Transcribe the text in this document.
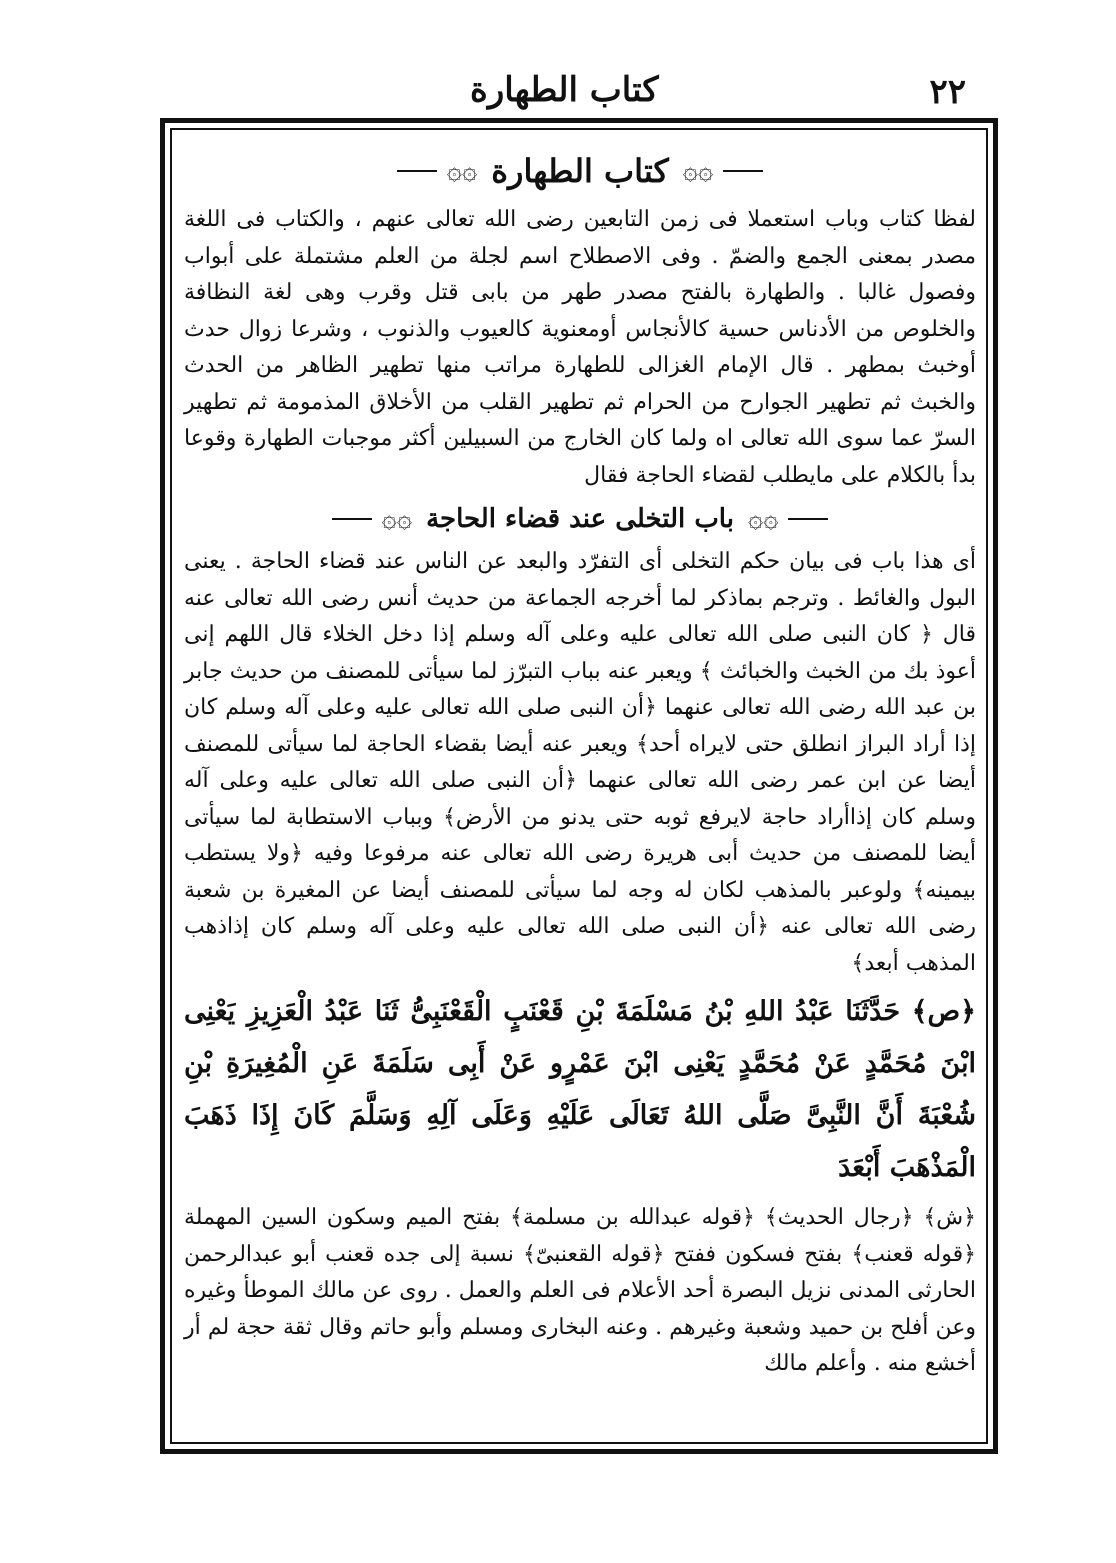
٢٢
كتاب الطهارة
۞۞
كتاب الطهارة
۞۞

لفظا كتاب وباب استعملا فى زمن التابعين رضى الله تعالى عنهم ، والكتاب فى اللغة مصدر بمعنى الجمع والضمّ . وفى الاصطلاح اسم لجلة من العلم مشتملة على أبواب وفصول غالبا . والطهارة بالفتح مصدر طهر من بابى قتل وقرب وهى لغة النظافة والخلوص من الأدناس حسية كالأنجاس أومعنوية كالعيوب والذنوب ، وشرعا زوال حدث أوخبث بمطهر . قال الإمام الغزالى للطهارة مراتب منها تطهير الظاهر من الحدث والخبث ثم تطهير الجوارح من الحرام ثم تطهير القلب من الأخلاق المذمومة ثم تطهير السرّ عما سوى الله تعالى اه ولما كان الخارج من السبيلين أكثر موجبات الطهارة وقوعا بدأ بالكلام على مايطلب لقضاء الحاجة فقال

۞۞
باب التخلى عند قضاء الحاجة
۞۞

أى هذا باب فى بيان حكم التخلى أى التفرّد والبعد عن الناس عند قضاء الحاجة . يعنى البول والغائط . وترجم بماذكر لما أخرجه الجماعة من حديث أنس رضى الله تعالى عنه قال ﴿ كان النبى صلى الله تعالى عليه وعلى آله وسلم إذا دخل الخلاء قال اللهم إنى أعوذ بك من الخبث والخبائث ﴾ ويعبر عنه بباب التبرّز لما سيأتى للمصنف من حديث جابر بن عبد الله رضى الله تعالى عنهما ﴿أن النبى صلى الله تعالى عليه وعلى آله وسلم كان إذا أراد البراز انطلق حتى لايراه أحد﴾ ويعبر عنه أيضا بقضاء الحاجة لما سيأتى للمصنف أيضا عن ابن عمر رضى الله تعالى عنهما ﴿أن النبى صلى الله تعالى عليه وعلى آله وسلم كان إذاأراد حاجة لايرفع ثوبه حتى يدنو من الأرض﴾ وبباب الاستطابة لما سيأتى أيضا للمصنف من حديث أبى هريرة رضى الله تعالى عنه مرفوعا وفيه ﴿ولا يستطب بيمينه﴾ ولوعبر بالمذهب لكان له وجه لما سيأتى للمصنف أيضا عن المغيرة بن شعبة رضى الله تعالى عنه ﴿أن النبى صلى الله تعالى عليه وعلى آله وسلم كان إذاذهب المذهب أبعد﴾

﴿ص﴾ حَدَّثَنَا عَبْدُ اللهِ بْنُ مَسْلَمَةَ بْنِ قَعْنَبٍ الْقَعْنَبِىُّ ثَنَا عَبْدُ الْعَزِيزِ يَعْنِى ابْنَ مُحَمَّدٍ عَنْ مُحَمَّدٍ يَعْنِى ابْنَ عَمْرٍو عَنْ أَبِى سَلَمَةَ عَنِ الْمُغِيرَةِ بْنِ شُعْبَةَ أَنَّ النَّبِىَّ صَلَّى اللهُ تَعَالَى عَلَيْهِ وَعَلَى آلِهِ وَسَلَّمَ كَانَ إِذَا ذَهَبَ الْمَذْهَبَ أَبْعَدَ

﴿ش﴾ ﴿رجال الحديث﴾ ﴿قوله عبدالله بن مسلمة﴾ بفتح الميم وسكون السين المهملة ﴿قوله قعنب﴾ بفتح فسكون ففتح ﴿قوله القعنبىّ﴾ نسبة إلى جده قعنب أبو عبدالرحمن الحارثى المدنى نزيل البصرة أحد الأعلام فى العلم والعمل . روى عن مالك الموطأ وغيره وعن أفلح بن حميد وشعبة وغيرهم . وعنه البخارى ومسلم وأبو حاتم وقال ثقة حجة لم أر أخشع منه . وأعلم مالك
